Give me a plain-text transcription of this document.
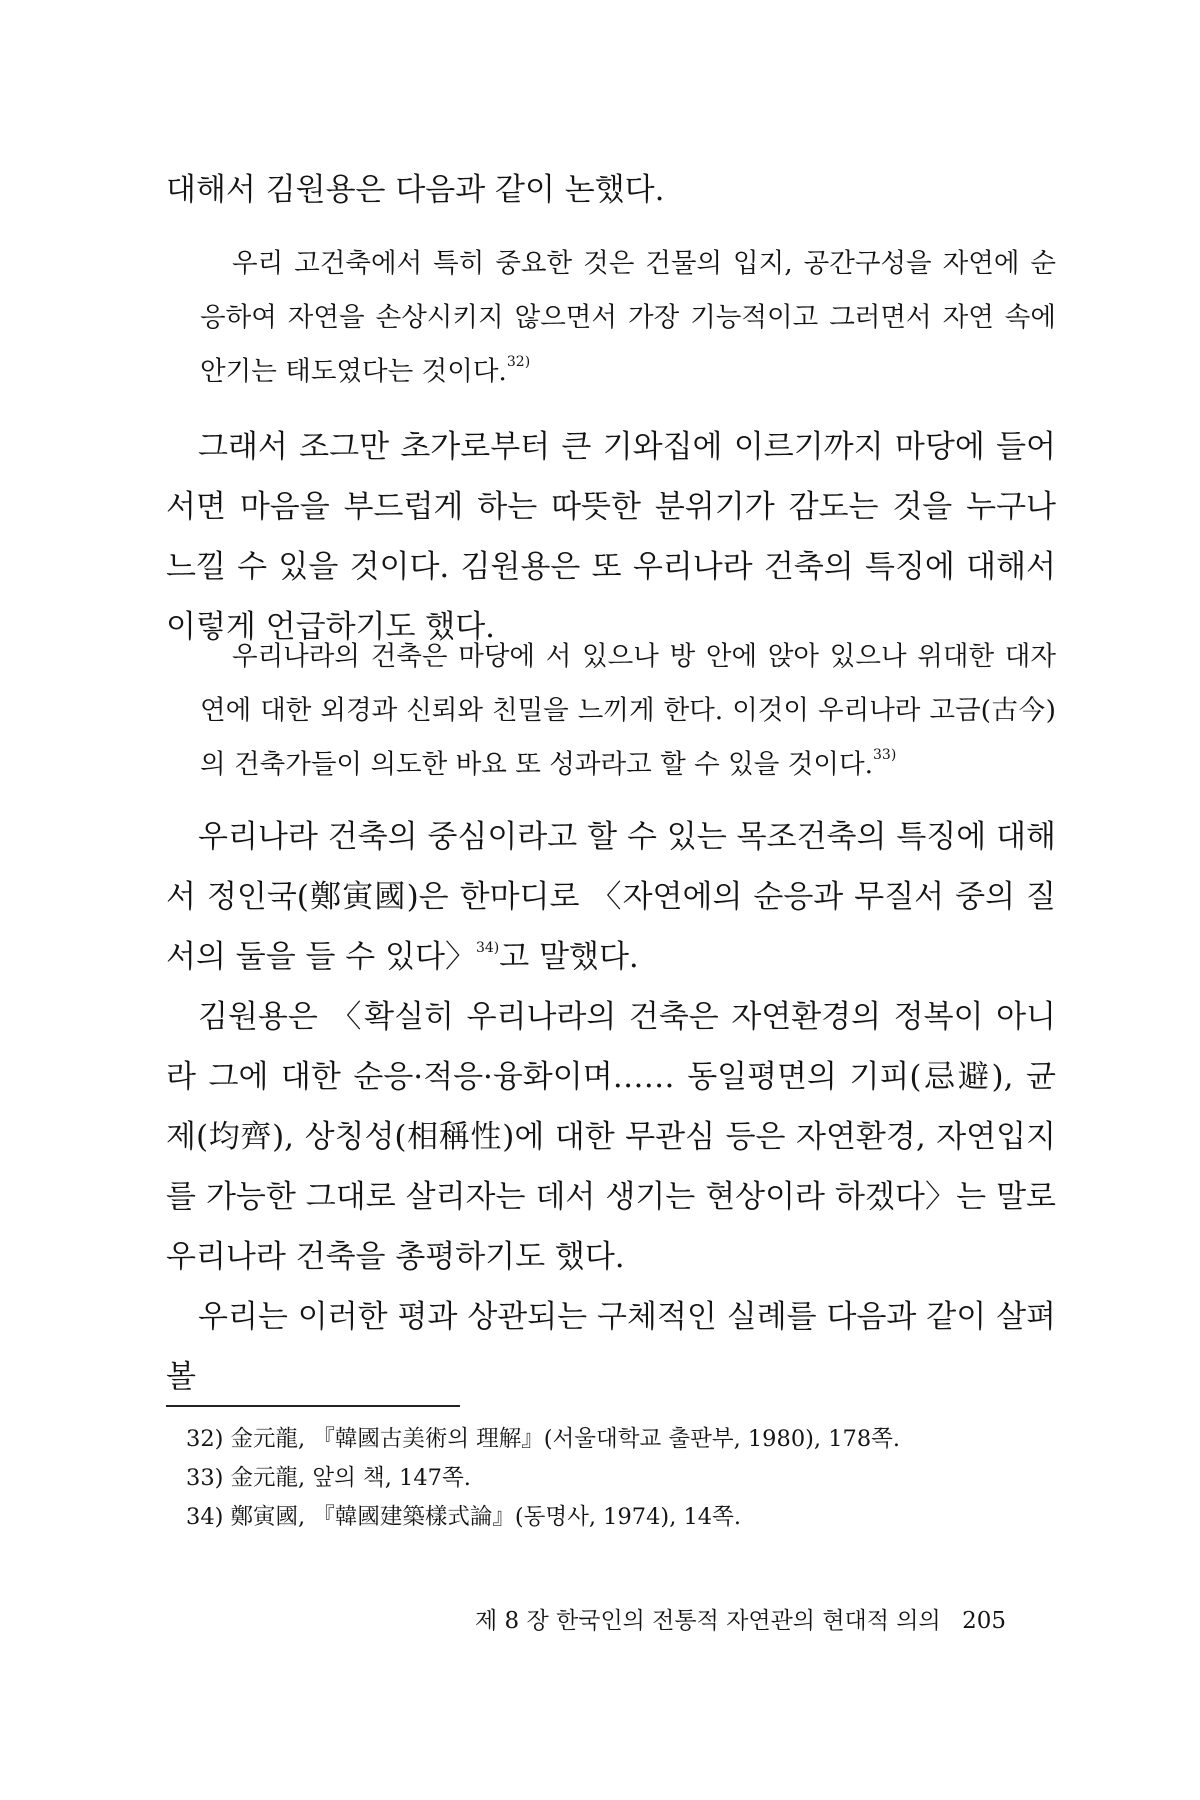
대해서 김원용은 다음과 같이 논했다.

우리 고건축에서 특히 중요한 것은 건물의 입지, 공간구성을 자연에 순응하여 자연을 손상시키지 않으면서 가장 기능적이고 그러면서 자연 속에 안기는 태도였다는 것이다.$^{32)}$

그래서 조그만 초가로부터 큰 기와집에 이르기까지 마당에 들어서면 마음을 부드럽게 하는 따뜻한 분위기가 감도는 것을 누구나 느낄 수 있을 것이다. 김원용은 또 우리나라 건축의 특징에 대해서 이렇게 언급하기도 했다.

우리나라의 건축은 마당에 서 있으나 방 안에 앉아 있으나 위대한 대자연에 대한 외경과 신뢰와 친밀을 느끼게 한다. 이것이 우리나라 고금(古今)의 건축가들이 의도한 바요 또 성과라고 할 수 있을 것이다.$^{33)}$

우리나라 건축의 중심이라고 할 수 있는 목조건축의 특징에 대해서 정인국(鄭寅國)은 한마디로 〈자연에의 순응과 무질서 중의 질서의 둘을 들 수 있다〉$^{34)}$고 말했다.

김원용은 〈확실히 우리나라의 건축은 자연환경의 정복이 아니라 그에 대한 순응·적응·융화이며…… 동일평면의 기피(忌避), 균제(均齊), 상칭성(相稱性)에 대한 무관심 등은 자연환경, 자연입지를 가능한 그대로 살리자는 데서 생기는 현상이라 하겠다〉는 말로 우리나라 건축을 총평하기도 했다.

우리는 이러한 평과 상관되는 구체적인 실례를 다음과 같이 살펴볼

32) 金元龍, 『韓國古美術의 理解』(서울대학교 출판부, 1980), 178쪽.
33) 金元龍, 앞의 책, 147쪽.
34) 鄭寅國, 『韓國建築樣式論』(동명사, 1974), 14쪽.
제 8 장 한국인의 전통적 자연관의 현대적 의의 205
